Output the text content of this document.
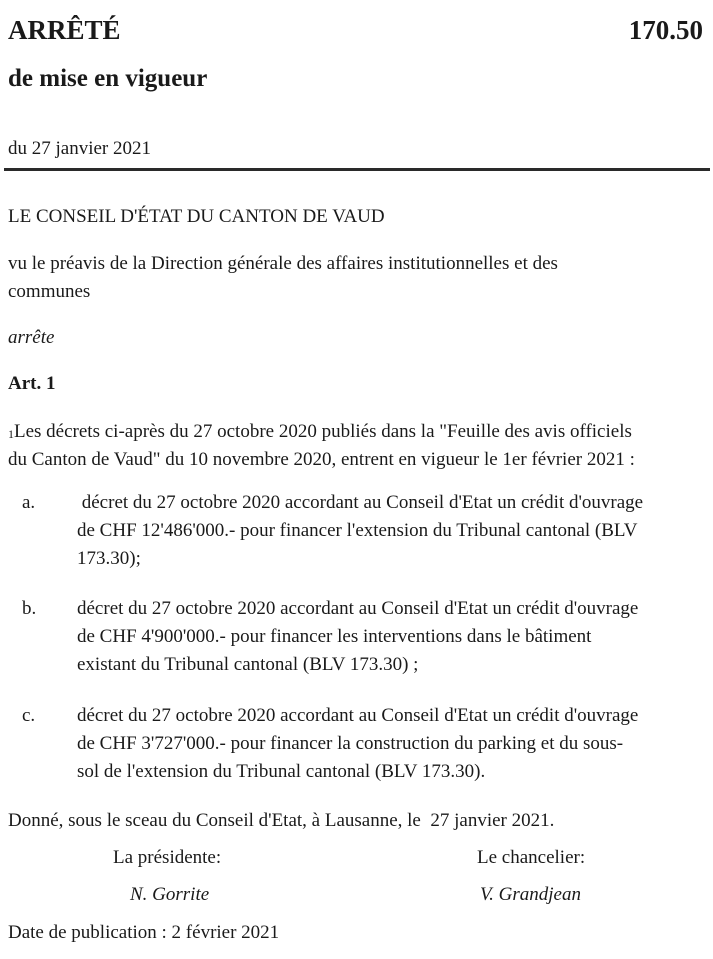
ARRÊTÉ	170.50
de mise en vigueur
du 27 janvier 2021
LE CONSEIL D'ÉTAT DU CANTON DE VAUD
vu le préavis de la Direction générale des affaires institutionnelles et des
communes
arrête
Art. 1
$^1$Les décrets ci-après du 27 octobre 2020 publiés dans la "Feuille des avis officiels
du Canton de Vaud" du 10 novembre 2020, entrent en vigueur le 1er février 2021 :
a. décret du 27 octobre 2020 accordant au Conseil d'Etat un crédit d'ouvrage
de CHF 12'486'000.- pour financer l'extension du Tribunal cantonal (BLV
173.30);
b. décret du 27 octobre 2020 accordant au Conseil d'Etat un crédit d'ouvrage
de CHF 4'900'000.- pour financer les interventions dans le bâtiment
existant du Tribunal cantonal (BLV 173.30) ;
c. décret du 27 octobre 2020 accordant au Conseil d'Etat un crédit d'ouvrage
de CHF 3'727'000.- pour financer la construction du parking et du sous-
sol de l'extension du Tribunal cantonal (BLV 173.30).
Donné, sous le sceau du Conseil d'Etat, à Lausanne, le  27 janvier 2021.
La présidente:
N. Gorrite
Le chancelier:
V. Grandjean
Date de publication : 2 février 2021
